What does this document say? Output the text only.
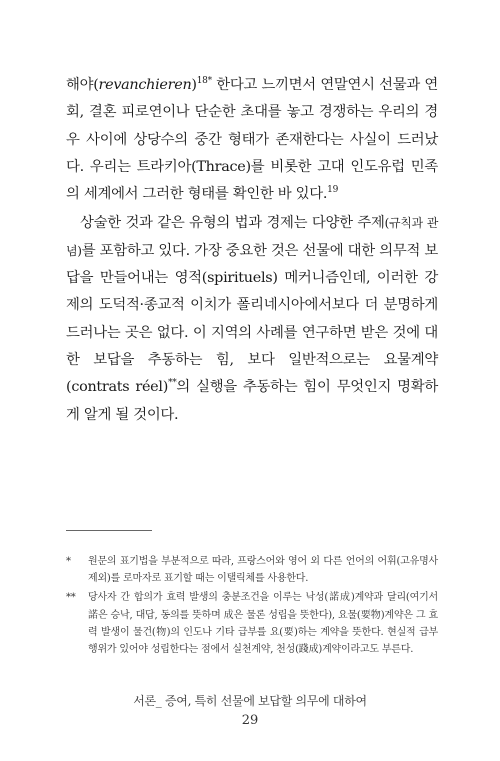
해야(revanchieren)$^{18*}$ 한다고 느끼면서 연말연시 선물과 연회, 결혼 피로연이나 단순한 초대를 놓고 경쟁하는 우리의 경우 사이에 상당수의 중간 형태가 존재한다는 사실이 드러났다. 우리는 트라키아(Thrace)를 비롯한 고대 인도유럽 민족의 세계에서 그러한 형태를 확인한 바 있다.$^{19}$

상술한 것과 같은 유형의 법과 경제는 다양한 주제(규칙과 관념)를 포함하고 있다. 가장 중요한 것은 선물에 대한 의무적 보답을 만들어내는 영적(spirituels) 메커니즘인데, 이러한 강제의 도덕적·종교적 이치가 폴리네시아에서보다 더 분명하게 드러나는 곳은 없다. 이 지역의 사례를 연구하면 받은 것에 대한 보답을 추동하는 힘, 보다 일반적으로는 요물계약(contrats réel)**의 실행을 추동하는 힘이 무엇인지 명확하게 알게 될 것이다.

* 원문의 표기법을 부분적으로 따라, 프랑스어와 영어 외 다른 언어의 어휘(고유명사 제외)를 로마자로 표기할 때는 이탤릭체를 사용한다.
** 당사자 간 합의가 효력 발생의 충분조건을 이루는 낙성(諾成)계약과 달리(여기서 諾은 승낙, 대답, 동의를 뜻하며 成은 물론 성립을 뜻한다), 요물(要物)계약은 그 효력 발생이 물건(物)의 인도나 기타 급부를 요(要)하는 계약을 뜻한다. 현실적 급부 행위가 있어야 성립한다는 점에서 실천계약, 천성(踐成)계약이라고도 부른다.
서론_ 증여, 특히 선물에 보답할 의무에 대하여
29
